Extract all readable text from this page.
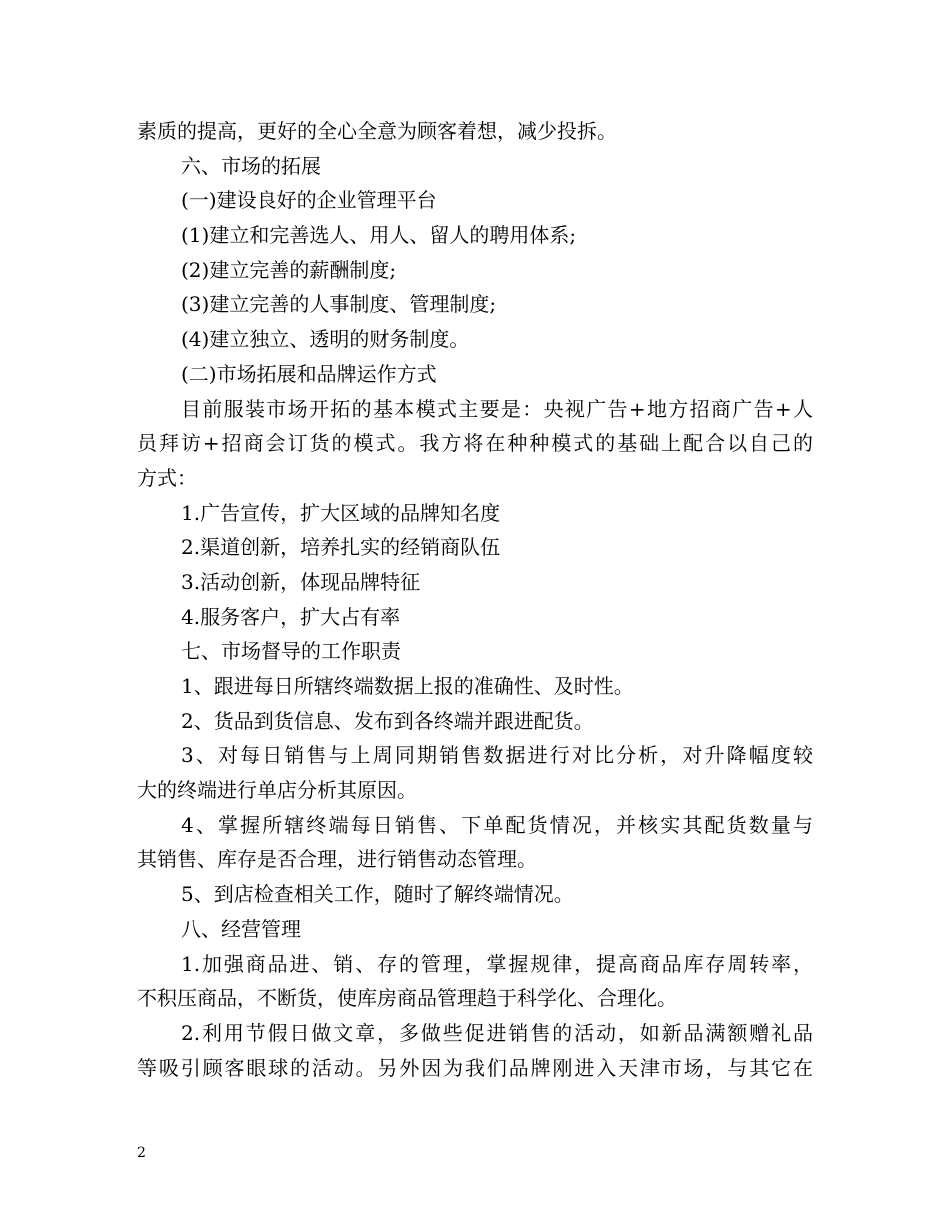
素质的提高，更好的全心全意为顾客着想，减少投拆。
六、市场的拓展
(一)建设良好的企业管理平台
(1)建立和完善选人、用人、留人的聘用体系;
(2)建立完善的薪酬制度;
(3)建立完善的人事制度、管理制度;
(4)建立独立、透明的财务制度。
(二)市场拓展和品牌运作方式
目前服装市场开拓的基本模式主要是：央视广告+地方招商广告+人
员拜访+招商会订货的模式。我方将在种种模式的基础上配合以自己的
方式：
1.广告宣传，扩大区域的品牌知名度
2.渠道创新，培养扎实的经销商队伍
3.活动创新，体现品牌特征
4.服务客户，扩大占有率
七、市场督导的工作职责
1、跟进每日所辖终端数据上报的准确性、及时性。
2、货品到货信息、发布到各终端并跟进配货。
3、对每日销售与上周同期销售数据进行对比分析，对升降幅度较
大的终端进行单店分析其原因。
4、掌握所辖终端每日销售、下单配货情况，并核实其配货数量与
其销售、库存是否合理，进行销售动态管理。
5、到店检查相关工作，随时了解终端情况。
八、经营管理
1.加强商品进、销、存的管理，掌握规律，提高商品库存周转率，
不积压商品，不断货，使库房商品管理趋于科学化、合理化。
2.利用节假日做文章，多做些促进销售的活动，如新品满额赠礼品
等吸引顾客眼球的活动。另外因为我们品牌刚进入天津市场，与其它在
2
